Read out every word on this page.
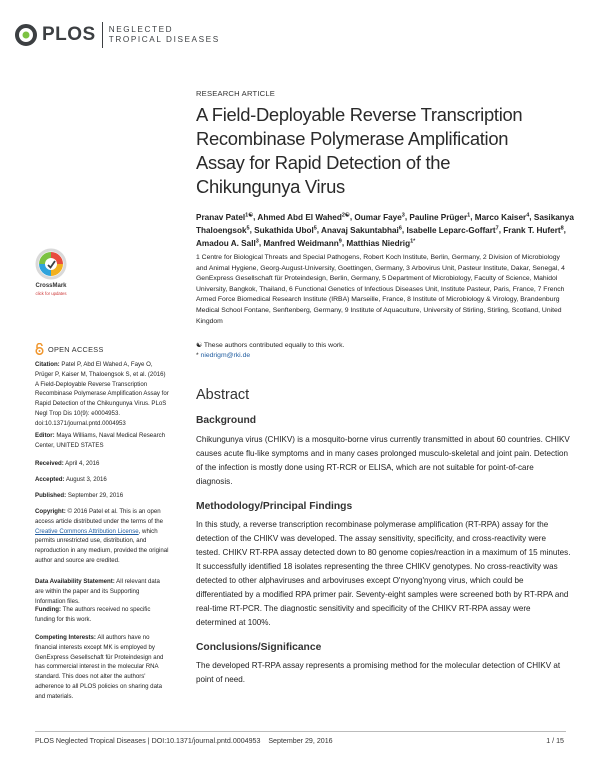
PLOS NEGLECTED
TROPICAL DISEASES
RESEARCH ARTICLE
A Field-Deployable Reverse Transcription Recombinase Polymerase Amplification Assay for Rapid Detection of the Chikungunya Virus
Pranav Patel$^{1☯}$, Ahmed Abd El Wahed$^{2☯}$, Oumar Faye$^3$, Pauline Prüger$^1$, Marco Kaiser$^4$, Sasikanya Thaloengsok$^5$, Sukathida Ubol$^5$, Anavaj Sakuntabhai$^6$, Isabelle Leparc-Goffart$^7$, Frank T. Hufert$^8$, Amadou A. Sall$^3$, Manfred Weidmann$^9$, Matthias Niedrig$^{1*}$
1 Centre for Biological Threats and Special Pathogens, Robert Koch Institute, Berlin, Germany, 2 Division of Microbiology and Animal Hygiene, Georg-August-University, Goettingen, Germany, 3 Arbovirus Unit, Pasteur Institute, Dakar, Senegal, 4 GenExpress Gesellschaft für Proteindesign, Berlin, Germany, 5 Department of Microbiology, Faculty of Science, Mahidol University, Bangkok, Thailand, 6 Functional Genetics of Infectious Diseases Unit, Institute Pasteur, Paris, France, 7 French Armed Force Biomedical Research Institute (IRBA) Marseille, France, 8 Institute of Microbiology & Virology, Brandenburg Medical School Fontane, Senftenberg, Germany, 9 Institute of Aquaculture, University of Stirling, Stirling, Scotland, United Kingdom
☯ These authors contributed equally to this work.
* niedrigm@rki.de
Abstract
Background
Chikungunya virus (CHIKV) is a mosquito-borne virus currently transmitted in about 60 countries. CHIKV causes acute flu-like symptoms and in many cases prolonged musculo-skeletal and joint pain. Detection of the infection is mostly done using RT-RCR or ELISA, which are not suitable for point-of-care diagnosis.
Methodology/Principal Findings
In this study, a reverse transcription recombinase polymerase amplification (RT-RPA) assay for the detection of the CHIKV was developed. The assay sensitivity, specificity, and cross-reactivity were tested. CHIKV RT-RPA assay detected down to 80 genome copies/reaction in a maximum of 15 minutes. It successfully identified 18 isolates representing the three CHIKV genotypes. No cross-reactivity was detected to other alphaviruses and arboviruses except O'nyong'nyong virus, which could be differentiated by a modified RPA primer pair. Seventy-eight samples were screened both by RT-RPA and real-time RT-PCR. The diagnostic sensitivity and specificity of the CHIKV RT-RPA assay were determined at 100%.
Conclusions/Significance
The developed RT-RPA assay represents a promising method for the molecular detection of CHIKV at point of need.
CrossMark
click for updates
OPEN ACCESS
Citation: Patel P, Abd El Wahed A, Faye O, Prüger P, Kaiser M, Thaloengsok S, et al. (2016) A Field-Deployable Reverse Transcription Recombinase Polymerase Amplification Assay for Rapid Detection of the Chikungunya Virus. PLoS Negl Trop Dis 10(9): e0004953. doi:10.1371/journal.pntd.0004953
Editor: Maya Williams, Naval Medical Research Center, UNITED STATES
Received: April 4, 2016
Accepted: August 3, 2016
Published: September 29, 2016
Copyright: © 2016 Patel et al. This is an open access article distributed under the terms of the Creative Commons Attribution License, which permits unrestricted use, distribution, and reproduction in any medium, provided the original author and source are credited.
Data Availability Statement: All relevant data are within the paper and its Supporting Information files.
Funding: The authors received no specific funding for this work.
Competing Interests: All authors have no financial interests except MK is employed by GenExpress Gesellschaft für Proteindesign and has commercial interest in the molecular RNA standard. This does not alter the authors' adherence to all PLOS policies on sharing data and materials.
PLOS Neglected Tropical Diseases | DOI:10.1371/journal.pntd.0004953    September 29, 2016	1 / 15
